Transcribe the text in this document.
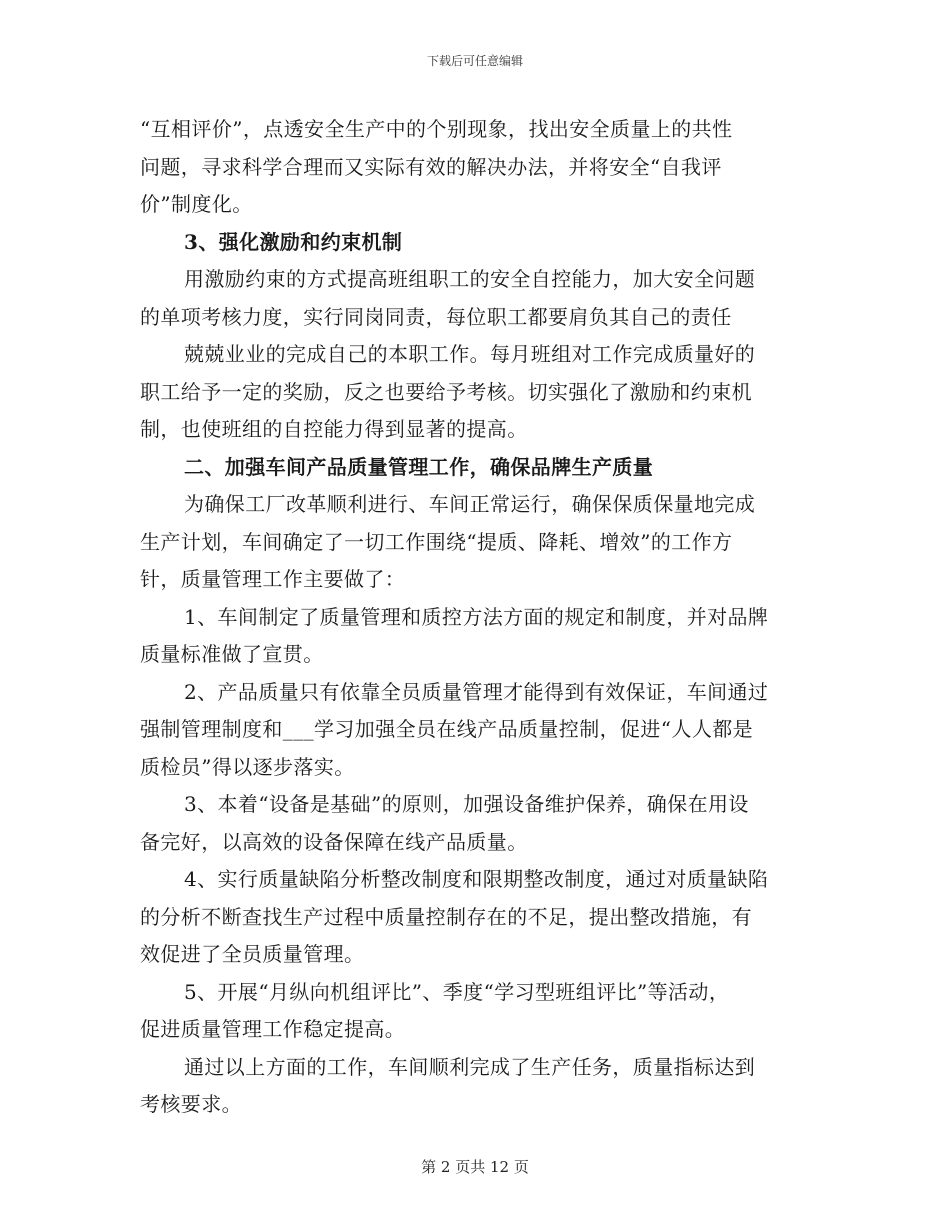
下载后可任意编辑
“互相评价”，点透安全生产中的个别现象，找出安全质量上的共性
问题，寻求科学合理而又实际有效的解决办法，并将安全“自我评
价”制度化。
3、强化激励和约束机制
用激励约束的方式提高班组职工的安全自控能力，加大安全问题
的单项考核力度，实行同岗同责，每位职工都要肩负其自己的责任
兢兢业业的完成自己的本职工作。每月班组对工作完成质量好的
职工给予一定的奖励，反之也要给予考核。切实强化了激励和约束机
制，也使班组的自控能力得到显著的提高。
二、加强车间产品质量管理工作，确保品牌生产质量
为确保工厂改革顺利进行、车间正常运行，确保保质保量地完成
生产计划，车间确定了一切工作围绕“提质、降耗、增效”的工作方
针，质量管理工作主要做了：
1、车间制定了质量管理和质控方法方面的规定和制度，并对品牌
质量标准做了宣贯。
2、产品质量只有依靠全员质量管理才能得到有效保证，车间通过
强制管理制度和___学习加强全员在线产品质量控制，促进“人人都是
质检员”得以逐步落实。
3、本着“设备是基础”的原则，加强设备维护保养，确保在用设
备完好，以高效的设备保障在线产品质量。
4、实行质量缺陷分析整改制度和限期整改制度，通过对质量缺陷
的分析不断查找生产过程中质量控制存在的不足，提出整改措施，有
效促进了全员质量管理。
5、开展“月纵向机组评比”、季度“学习型班组评比”等活动，
促进质量管理工作稳定提高。
通过以上方面的工作，车间顺利完成了生产任务，质量指标达到
考核要求。
第 2 页共 12 页
